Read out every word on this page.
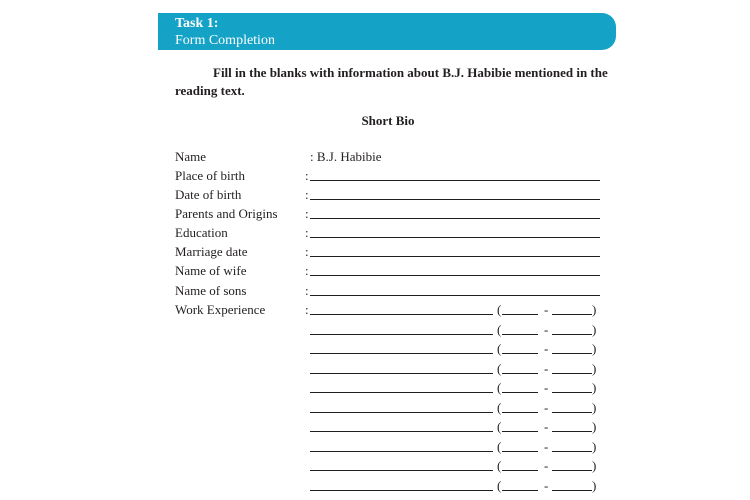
Task 1:
Form Completion
Fill in the blanks with information about B.J. Habibie mentioned in the reading text.
Short Bio
Name	: B.J. Habibie
Place of birth	:
Date of birth	:
Parents and Origins :
Education	:
Marriage date	:
Name of wife	:
Name of sons	:
Work Experience	:	(	-	)
(	-	)
(	-	)
(	-	)
(	-	)
(	-	)
(	-	)
(	-	)
(	-	)
(	-	)
